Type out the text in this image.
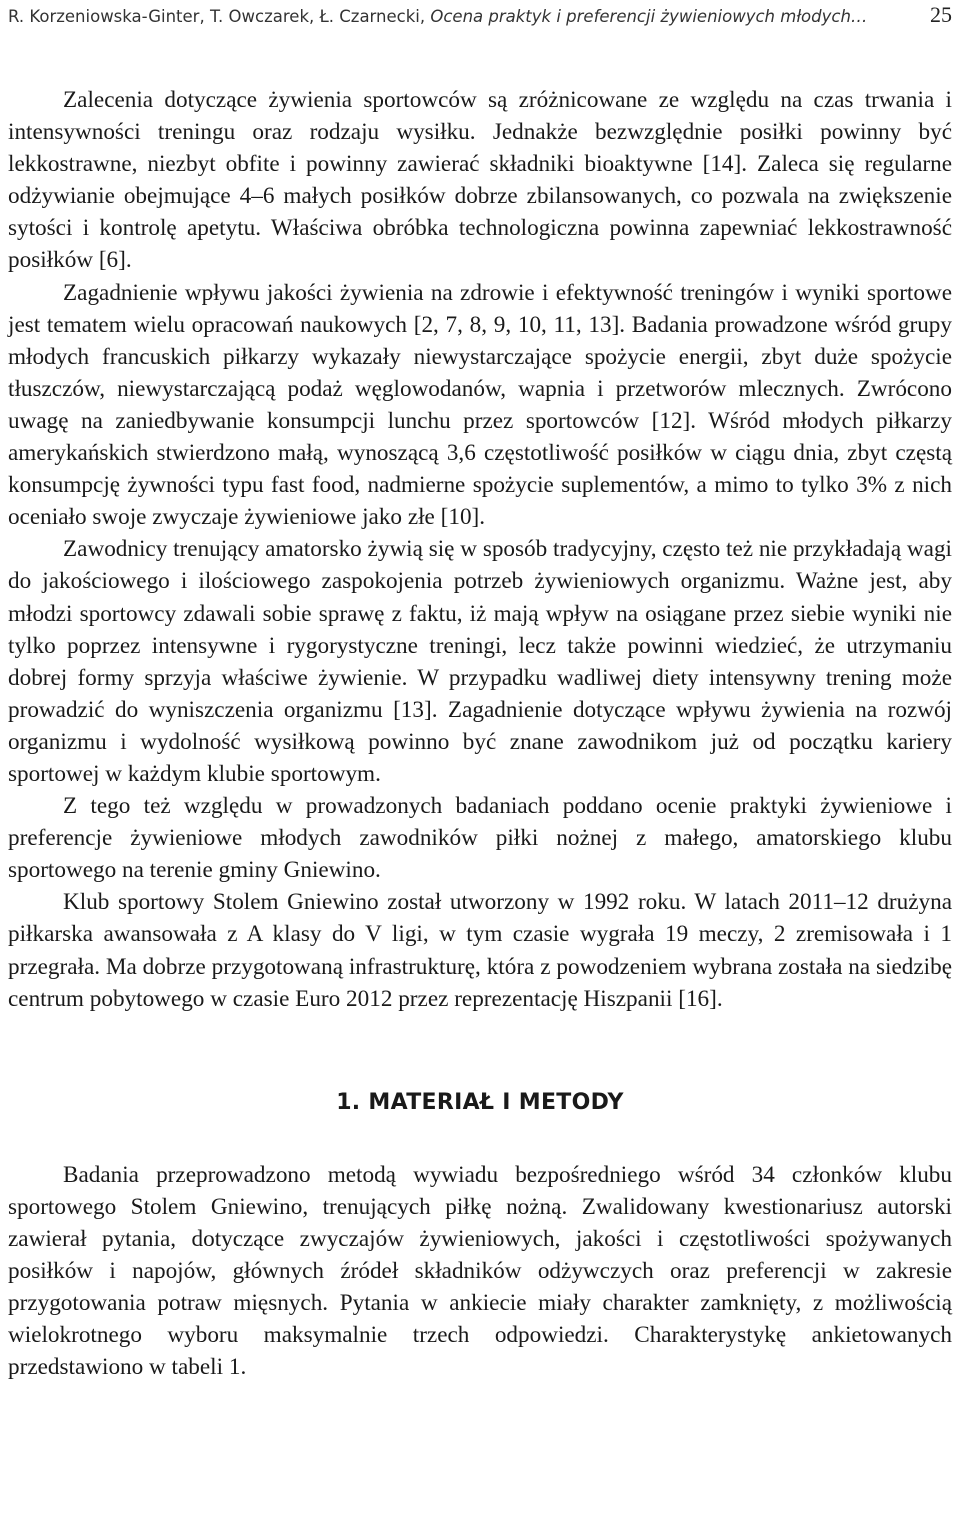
R. Korzeniowska-Ginter, T. Owczarek, Ł. Czarnecki, Ocena praktyk i preferencji żywieniowych młodych…	25

Zalecenia dotyczące żywienia sportowców są zróżnicowane ze względu na czas trwania i intensywności treningu oraz rodzaju wysiłku. Jednakże bezwzględnie posiłki powinny być lekkostrawne, niezbyt obfite i powinny zawierać składniki bioaktywne [14]. Zaleca się regularne odżywianie obejmujące 4–6 małych posiłków dobrze zbilansowanych, co pozwala na zwiększenie sytości i kontrolę apetytu. Właściwa obróbka technologiczna powinna zapewniać lekkostrawność posiłków [6].

Zagadnienie wpływu jakości żywienia na zdrowie i efektywność treningów i wyniki sportowe jest tematem wielu opracowań naukowych [2, 7, 8, 9, 10, 11, 13]. Badania prowadzone wśród grupy młodych francuskich piłkarzy wykazały niewystarczające spożycie energii, zbyt duże spożycie tłuszczów, niewystarczającą podaż węglowodanów, wapnia i przetworów mlecznych. Zwrócono uwagę na zaniedbywanie konsumpcji lunchu przez sportowców [12]. Wśród młodych piłkarzy amerykańskich stwierdzono małą, wynoszącą 3,6 częstotliwość posiłków w ciągu dnia, zbyt częstą konsumpcję żywności typu fast food, nadmierne spożycie suplementów, a mimo to tylko 3% z nich oceniało swoje zwyczaje żywieniowe jako złe [10].

Zawodnicy trenujący amatorsko żywią się w sposób tradycyjny, często też nie przykładają wagi do jakościowego i ilościowego zaspokojenia potrzeb żywieniowych organizmu. Ważne jest, aby młodzi sportowcy zdawali sobie sprawę z faktu, iż mają wpływ na osiągane przez siebie wyniki nie tylko poprzez intensywne i rygorystyczne treningi, lecz także powinni wiedzieć, że utrzymaniu dobrej formy sprzyja właściwe żywienie. W przypadku wadliwej diety intensywny trening może prowadzić do wyniszczenia organizmu [13]. Zagadnienie dotyczące wpływu żywienia na rozwój organizmu i wydolność wysiłkową powinno być znane zawodnikom już od początku kariery sportowej w każdym klubie sportowym.

Z tego też względu w prowadzonych badaniach poddano ocenie praktyki żywieniowe i preferencje żywieniowe młodych zawodników piłki nożnej z małego, amatorskiego klubu sportowego na terenie gminy Gniewino.

Klub sportowy Stolem Gniewino został utworzony w 1992 roku. W latach 2011–12 drużyna piłkarska awansowała z A klasy do V ligi, w tym czasie wygrała 19 meczy, 2 zremisowała i 1 przegrała. Ma dobrze przygotowaną infrastrukturę, która z powodzeniem wybrana została na siedzibę centrum pobytowego w czasie Euro 2012 przez reprezentację Hiszpanii [16].

1. MATERIAŁ I METODY

Badania przeprowadzono metodą wywiadu bezpośredniego wśród 34 członków klubu sportowego Stolem Gniewino, trenujących piłkę nożną. Zwalidowany kwestionariusz autorski zawierał pytania, dotyczące zwyczajów żywieniowych, jakości i częstotliwości spożywanych posiłków i napojów, głównych źródeł składników odżywczych oraz preferencji w zakresie przygotowania potraw mięsnych. Pytania w ankiecie miały charakter zamknięty, z możliwością wielokrotnego wyboru maksymalnie trzech odpowiedzi. Charakterystykę ankietowanych przedstawiono w tabeli 1.
